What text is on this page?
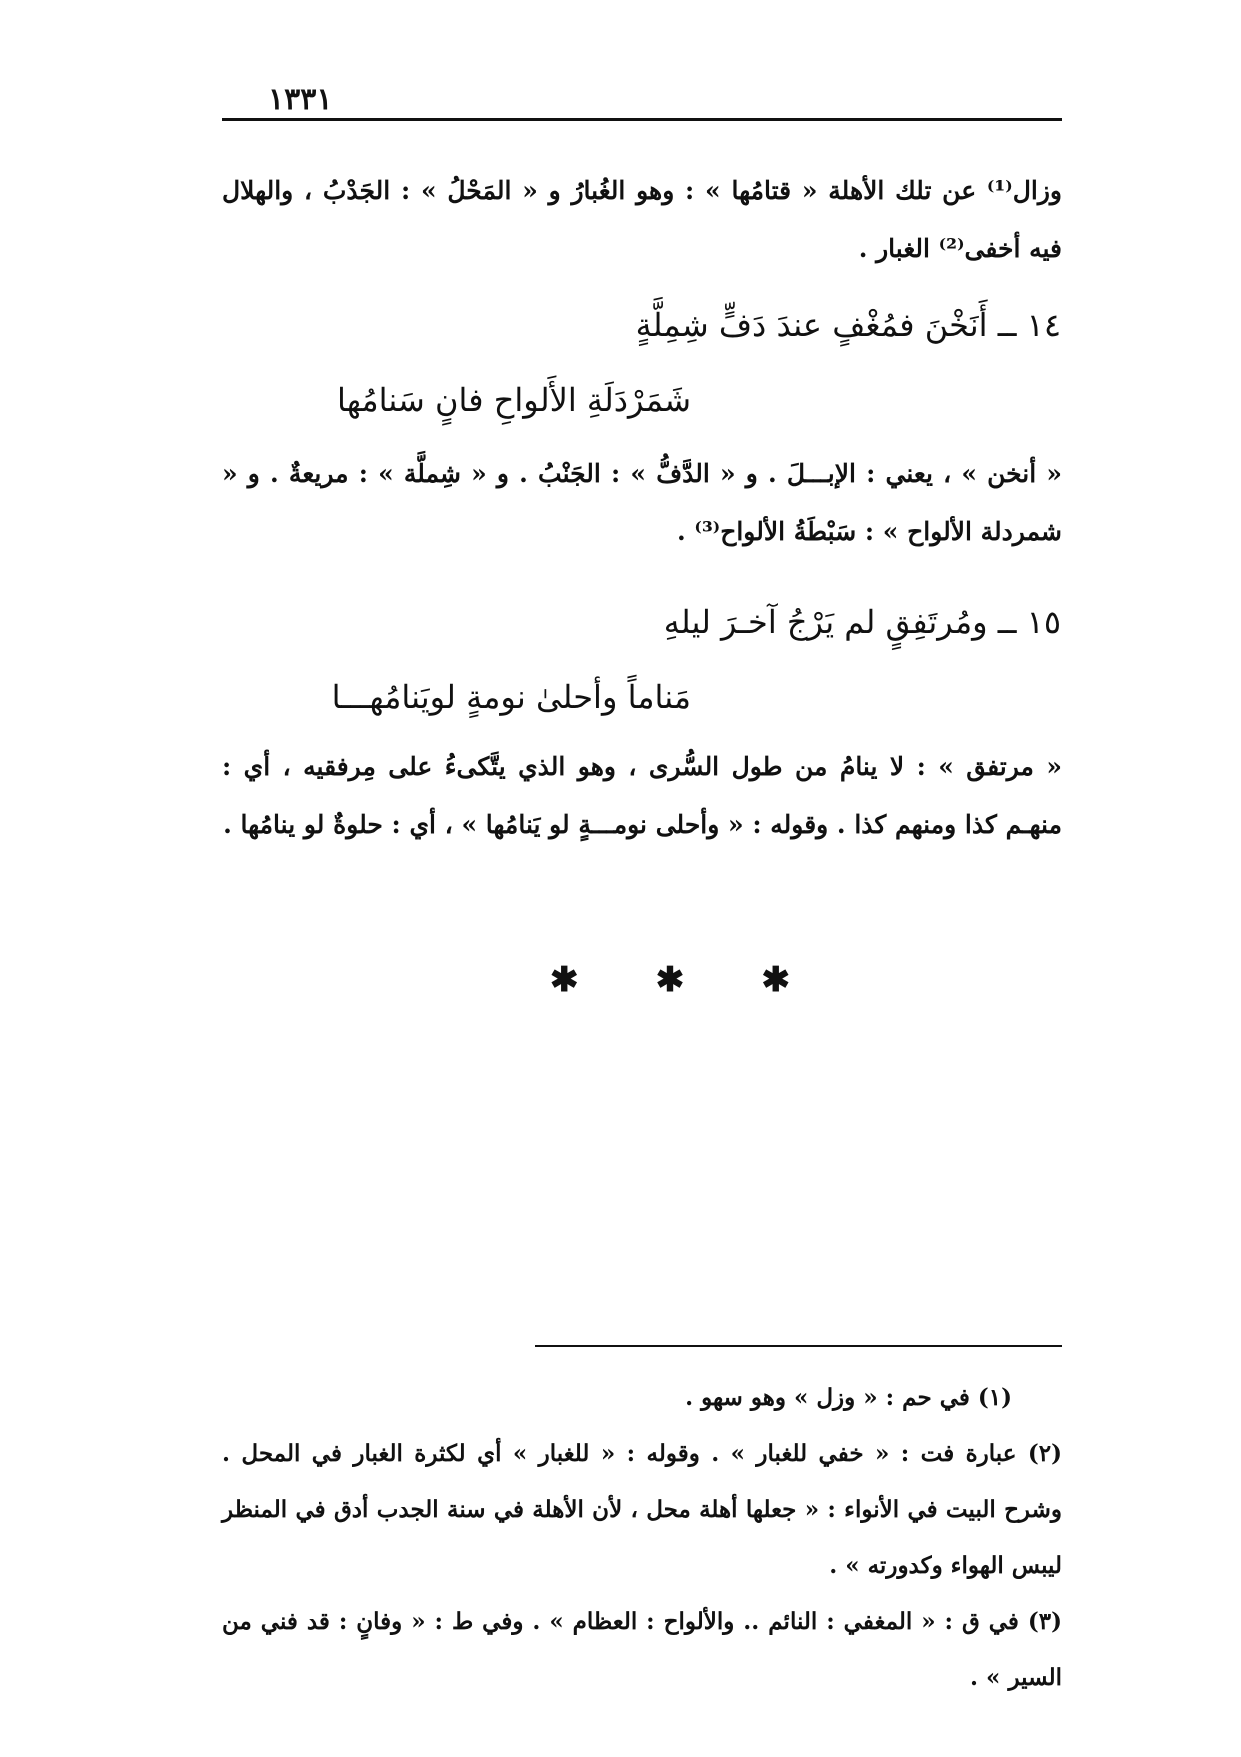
١٣٣١

وزال⁽¹⁾ عن تلك الأهلة « قتامُها » : وهو الغُبارُ و « المَحْلُ » : الجَدْبُ ، والهلال فيه أخفى⁽²⁾ الغبار .

١٤ ــ أَنَخْنَ فمُغْفٍ عندَ دَفٍّ شِمِلَّةٍ
شَمَرْدَلَةِ الأَلواحِ فانٍ سَنامُها

« أنخن » ، يعني : الإبـــلَ . و « الدَّفُّ » : الجَنْبُ . و « شِملَّة » : مريعةٌ . و « شمردلة الألواح » : سَبْطَةُ الألواح⁽³⁾ .

١٥ ــ ومُرتَفِقٍ لم يَرْجُ آخـرَ ليلهِ
مَناماً وأحلىٰ نومةٍ لويَنامُهـــا

« مرتفق » : لا ينامُ من طول السُّرى ، وهو الذي يتَّكىءُ على مِرفقيه ، أي : منهـم كذا ومنهم كذا . وقوله : « وأحلى نومـــةٍ لو يَنامُها » ، أي : حلوةٌ لو ينامُها .

✱ ✱ ✱

(١) في حم : « وزل » وهو سهو .

(٢) عبارة فت : « خفي للغبار » . وقوله : « للغبار » أي لكثرة الغبار في المحل . وشرح البيت في الأنواء : « جعلها أهلة محل ، لأن الأهلة في سنة الجدب أدق في المنظر ليبس الهواء وكدورته » .

(٣) في ق : « المغفي : النائم .. والألواح : العظام » . وفي ط : « وفانٍ : قد فني من السير » .
